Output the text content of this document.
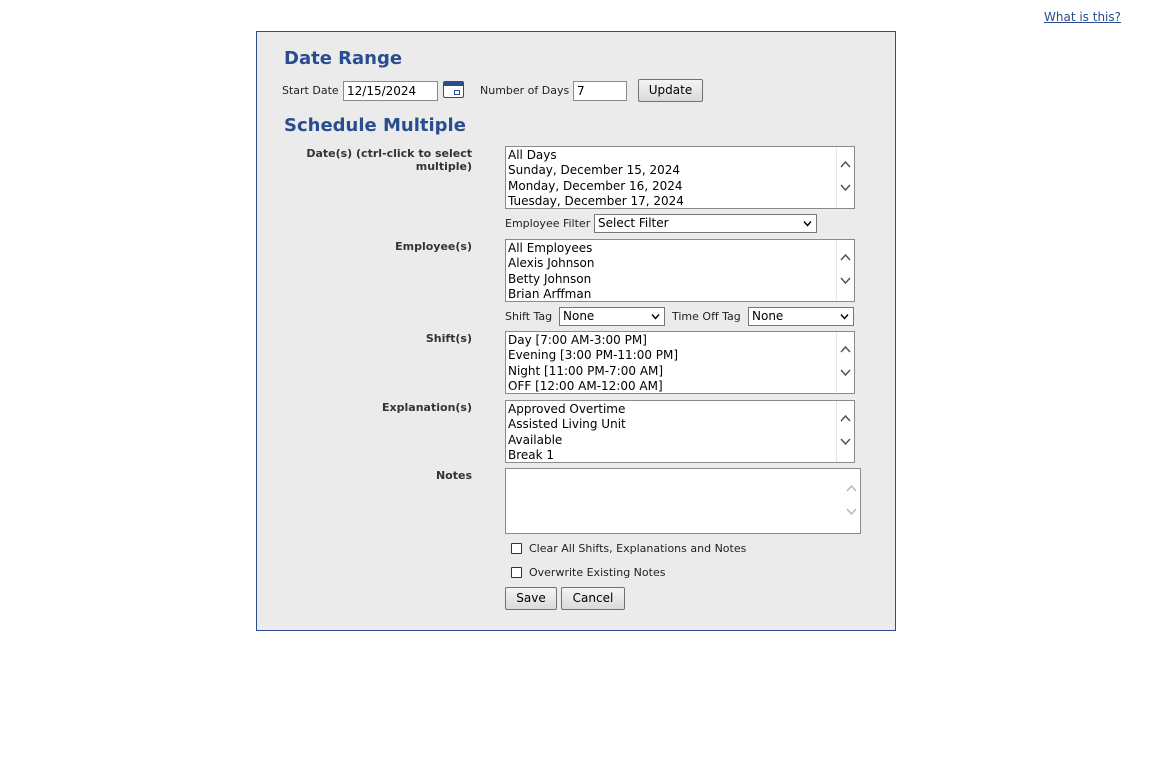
What is this?
Date Range
Start Date 12/15/2024	Number of Days 7	Update
Schedule Multiple
Date(s) (ctrl-click to select multiple)
All Days
Sunday, December 15, 2024
Monday, December 16, 2024
Tuesday, December 17, 2024
Employee Filter Select Filter
Employee(s)	All Employees
Alexis Johnson
Betty Johnson
Brian Arffman
Shift Tag None	Time Off Tag None
Shift(s)	Day [7:00 AM-3:00 PM]
Evening [3:00 PM-11:00 PM]
Night [11:00 PM-7:00 AM]
OFF [12:00 AM-12:00 AM]
Explanation(s)	Approved Overtime
Assisted Living Unit
Available
Break 1
Notes
Clear All Shifts, Explanations and Notes
Overwrite Existing Notes
Save	Cancel
